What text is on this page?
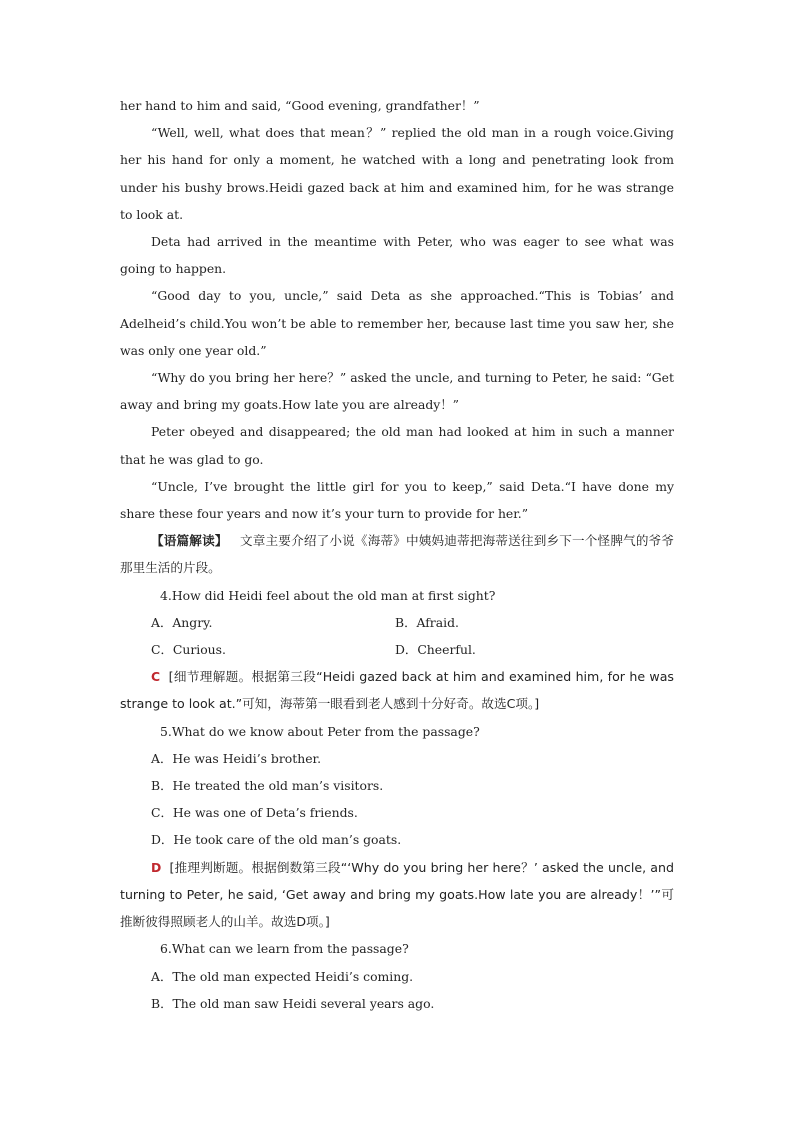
her hand to him and said, “Good evening, grandfather！”

“Well, well, what does that mean？” replied the old man in a rough voice.Giving her his hand for only a moment, he watched with a long and penetrating look from under his bushy brows.Heidi gazed back at him and examined him, for he was strange to look at.

Deta had arrived in the meantime with Peter, who was eager to see what was going to happen.

“Good day to you, uncle,” said Deta as she approached.“This is Tobias’ and Adelheid’s child.You won’t be able to remember her, because last time you saw her, she was only one year old.”

“Why do you bring her here？” asked the uncle, and turning to Peter, he said: “Get away and bring my goats.How late you are already！”

Peter obeyed and disappeared; the old man had looked at him in such a manner that he was glad to go.

“Uncle, I’ve brought the little girl for you to keep,” said Deta.“I have done my share these four years and now it’s your turn to provide for her.”

【语篇解读】 文章主要介绍了小说《海蒂》中姨妈迪蒂把海蒂送往到乡下一个怪脾气的爷爷那里生活的片段。

4.How did Heidi feel about the old man at first sight?

A．Angry.	B．Afraid.
C．Curious.	D．Cheerful.

C [细节理解题。根据第三段“Heidi gazed back at him and examined him, for he was strange to look at.”可知，海蒂第一眼看到老人感到十分好奇。故选C项。]

5.What do we know about Peter from the passage?

A．He was Heidi’s brother.

B．He treated the old man’s visitors.

C．He was one of Deta’s friends.

D．He took care of the old man’s goats.

D [推理判断题。根据倒数第三段“‘Why do you bring her here？’ asked the uncle, and turning to Peter, he said, ‘Get away and bring my goats.How late you are already！’”可推断彼得照顾老人的山羊。故选D项。]

6.What can we learn from the passage?

A．The old man expected Heidi’s coming.

B．The old man saw Heidi several years ago.
